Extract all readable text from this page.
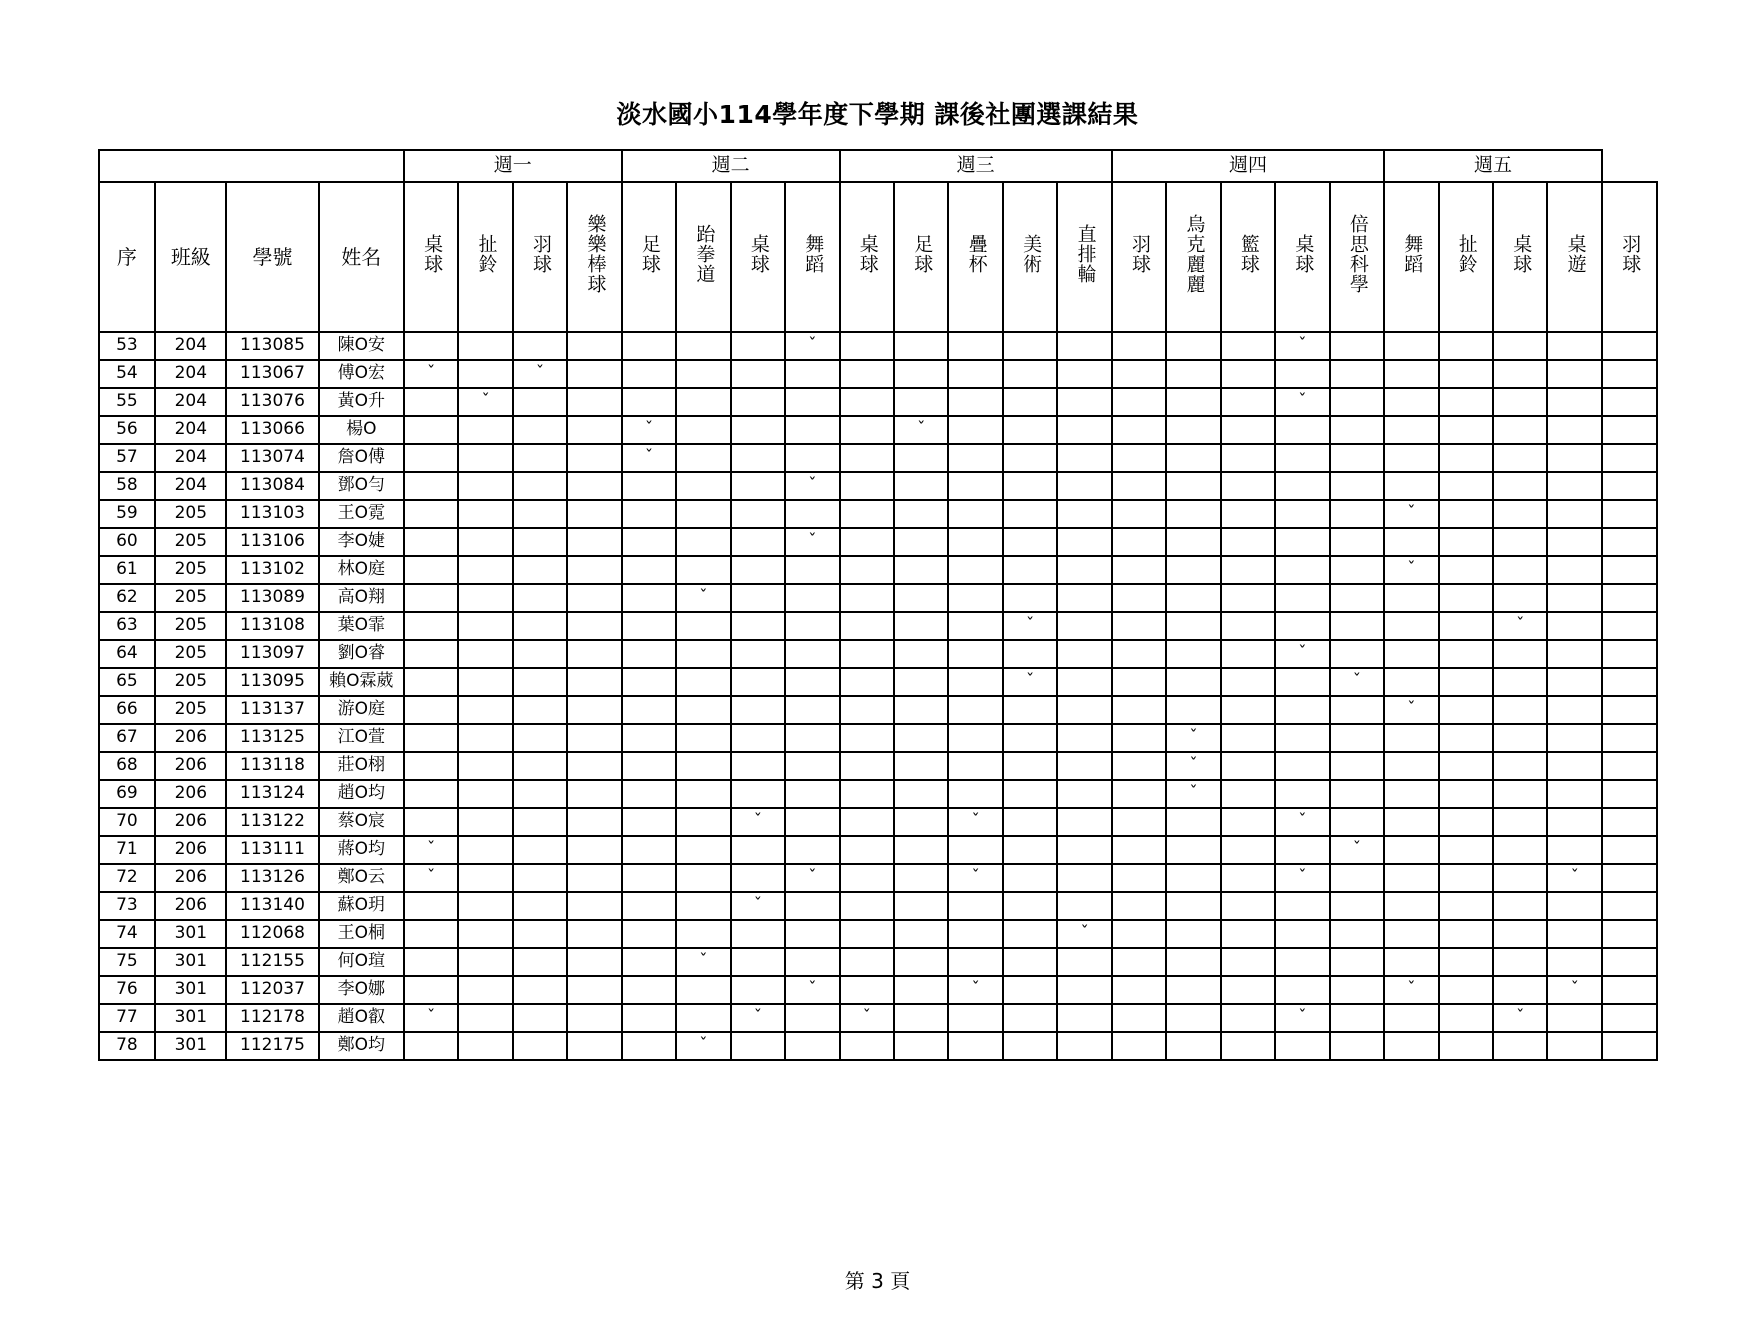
淡水國小114學年度下學期 課後社團選課結果
				週一				週二				週三					週四					週五				
序	班級	學號	姓名	桌球	扯鈴	羽球	樂樂棒球	足球	跆拳道	桌球	舞蹈	桌球	足球	疊杯	美術	直排輪	羽球	烏克麗麗	籃球	桌球	倍思科學	舞蹈	扯鈴	桌球	桌遊	羽球
53	204	113085	陳O安								ˇ									ˇ						
54	204	113067	傅O宏	ˇ		ˇ																				
55	204	113076	黃O升		ˇ															ˇ						
56	204	113066	楊O					ˇ					ˇ													
57	204	113074	詹O傅					ˇ																		
58	204	113084	鄧O勻								ˇ															
59	205	113103	王O霓																			ˇ				
60	205	113106	李O婕								ˇ															
61	205	113102	林O庭																			ˇ				
62	205	113089	高O翔						ˇ																	
63	205	113108	葉O霏												ˇ									ˇ		
64	205	113097	劉O睿																	ˇ						
65	205	113095	賴O霖葳												ˇ						ˇ					
66	205	113137	游O庭																			ˇ				
67	206	113125	江O萱															ˇ								
68	206	113118	莊O栩															ˇ								
69	206	113124	趙O均															ˇ								
70	206	113122	蔡O宸							ˇ				ˇ						ˇ						
71	206	113111	蔣O均	ˇ																	ˇ					
72	206	113126	鄭O云	ˇ							ˇ			ˇ						ˇ					ˇ	
73	206	113140	蘇O玥							ˇ																
74	301	112068	王O桐													ˇ										
75	301	112155	何O瑄						ˇ																	
76	301	112037	李O娜								ˇ			ˇ								ˇ			ˇ	
77	301	112178	趙O叡	ˇ						ˇ		ˇ								ˇ				ˇ		
78	301	112175	鄭O均						ˇ																	
第 3 頁
